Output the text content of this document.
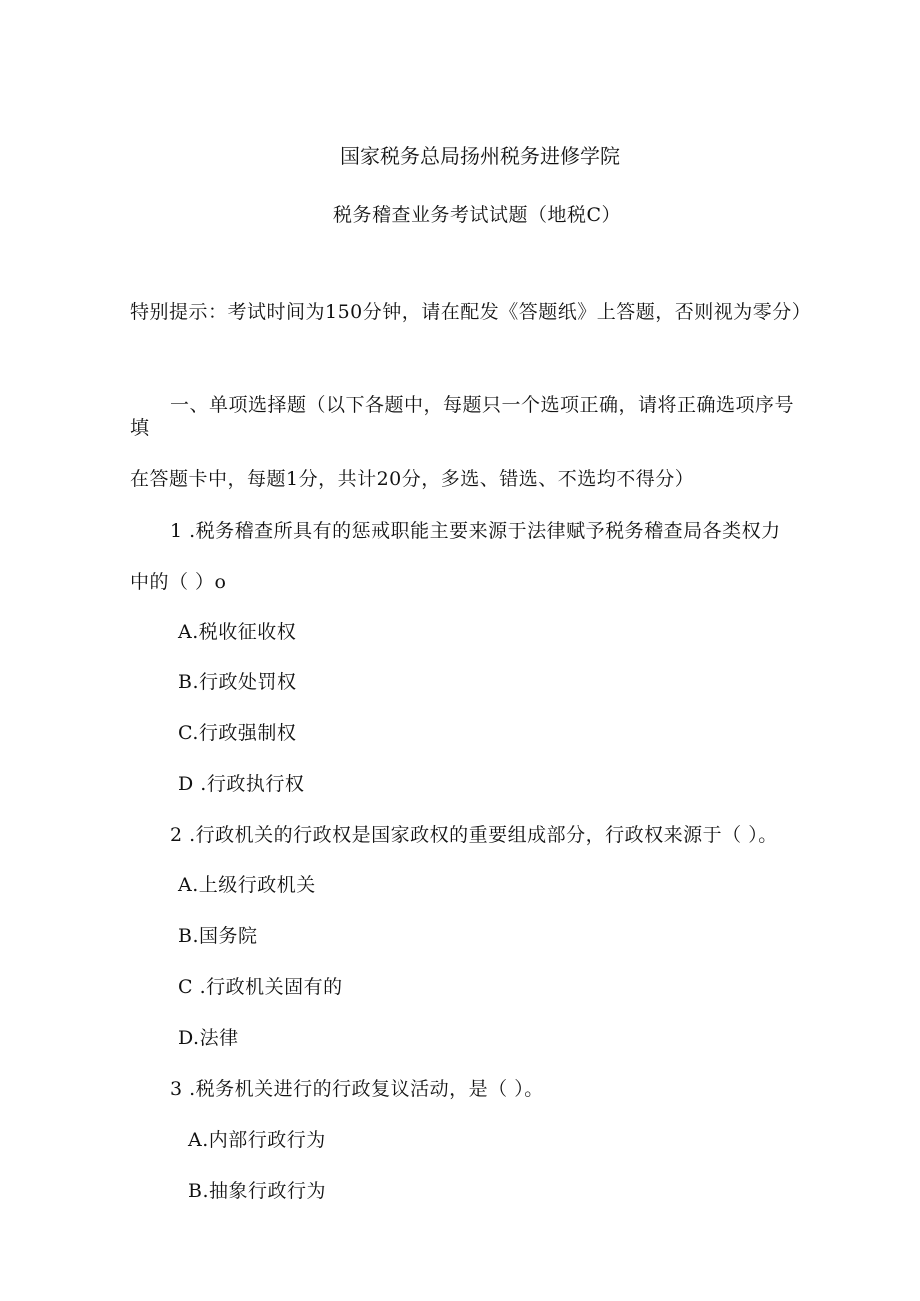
国家税务总局扬州税务进修学院
税务稽查业务考试试题（地税C）
特别提示：考试时间为150分钟，请在配发《答题纸》上答题，否则视为零分）
一、单项选择题（以下各题中，每题只一个选项正确，请将正确选项序号
填
在答题卡中，每题1分，共计20分，多选、错选、不选均不得分）
1 .税务稽查所具有的惩戒职能主要来源于法律赋予税务稽查局各类权力
中的（ ）o
A.税收征收权
B.行政处罚权
C.行政强制权
D .行政执行权
2 .行政机关的行政权是国家政权的重要组成部分，行政权来源于（ ）。
A.上级行政机关
B.国务院
C .行政机关固有的
D.法律
3 .税务机关进行的行政复议活动，是（ ）。
A.内部行政行为
B.抽象行政行为
